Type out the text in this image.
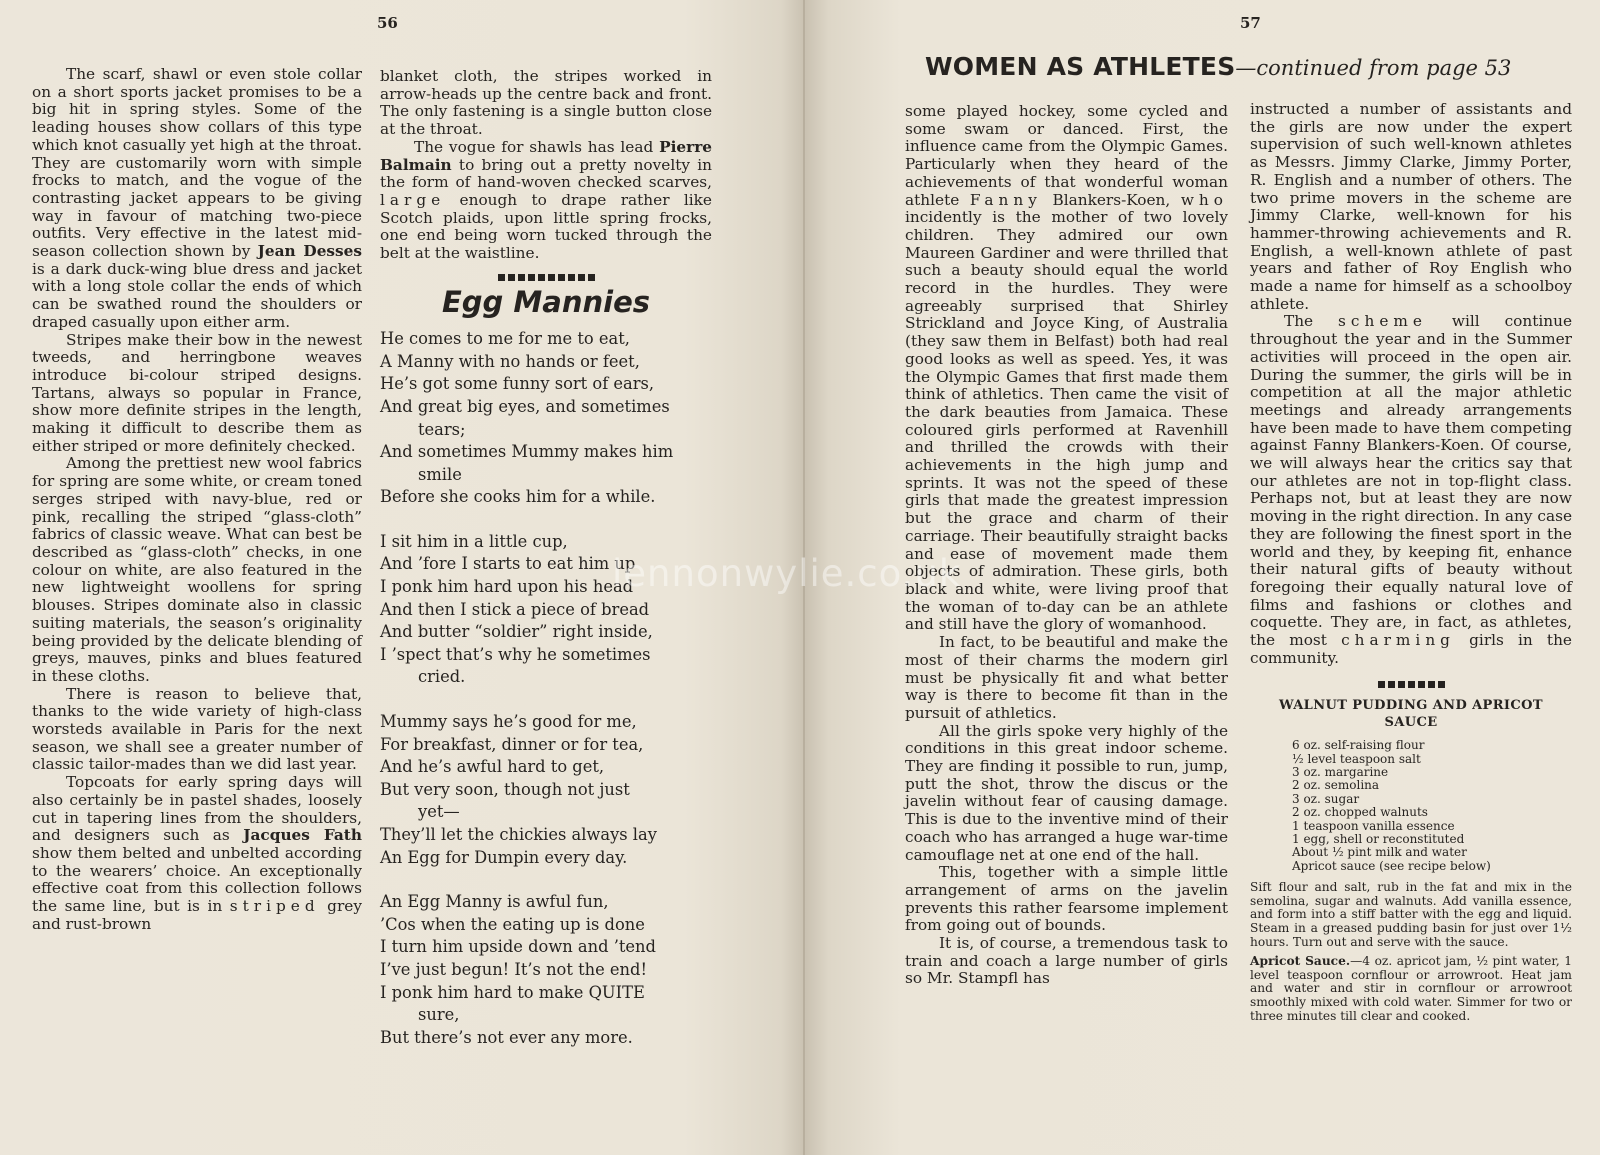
56

The scarf, shawl or even stole collar on a short sports jacket promises to be a big hit in spring styles. Some of the leading houses show collars of this type which knot casually yet high at the throat. They are customarily worn with simple frocks to match, and the vogue of the contrasting jacket appears to be giving way in favour of matching two-piece outfits. Very effective in the latest mid-season collection shown by Jean Desses is a dark duck-wing blue dress and jacket with a long stole collar the ends of which can be swathed round the shoulders or draped casually upon either arm.

Stripes make their bow in the newest tweeds, and herringbone weaves introduce bi-colour striped designs. Tartans, always so popular in France, show more definite stripes in the length, making it difficult to describe them as either striped or more definitely checked.

Among the prettiest new wool fabrics for spring are some white, or cream toned serges striped with navy-blue, red or pink, recalling the striped “glass-cloth” fabrics of classic weave. What can best be described as “glass-cloth” checks, in one colour on white, are also featured in the new lightweight woollens for spring blouses. Stripes dominate also in classic suiting materials, the season’s originality being provided by the delicate blending of greys, mauves, pinks and blues featured in these cloths.

There is reason to believe that, thanks to the wide variety of high-class worsteds available in Paris for the next season, we shall see a greater number of classic tailor-mades than we did last year.

Topcoats for early spring days will also certainly be in pastel shades, loosely cut in tapering lines from the shoulders, and designers such as Jacques Fath show them belted and unbelted according to the wearers’ choice. An exceptionally effective coat from this collection follows the same line, but is in striped grey and rust-brown

blanket cloth, the stripes worked in arrow-heads up the centre back and front. The only fastening is a single button close at the throat.

The vogue for shawls has lead Pierre Balmain to bring out a pretty novelty in the form of hand-woven checked scarves, large enough to drape rather like Scotch plaids, upon little spring frocks, one end being worn tucked through the belt at the waistline.

Egg Mannies
He comes to me for me to eat,
A Manny with no hands or feet,
He’s got some funny sort of ears,
And great big eyes, and sometimes
tears;
And sometimes Mummy makes him
smile
Before she cooks him for a while.
I sit him in a little cup,
And ’fore I starts to eat him up
I ponk him hard upon his head
And then I stick a piece of bread
And butter “soldier” right inside,
I ’spect that’s why he sometimes
cried.
Mummy says he’s good for me,
For breakfast, dinner or for tea,
And he’s awful hard to get,
But very soon, though not just
yet—
They’ll let the chickies always lay
An Egg for Dumpin every day.
An Egg Manny is awful fun,
’Cos when the eating up is done
I turn him upside down and ’tend
I’ve just begun! It’s not the end!
I ponk him hard to make QUITE
sure,
But there’s not ever any more.
57
WOMEN AS ATHLETES—continued from page 53

some played hockey, some cycled and some swam or danced. First, the influence came from the Olympic Games. Particularly when they heard of the achievements of that wonderful woman athlete Fanny Blankers-Koen, who incidently is the mother of two lovely children. They admired our own Maureen Gardiner and were thrilled that such a beauty should equal the world record in the hurdles. They were agreeably surprised that Shirley Strickland and Joyce King, of Australia (they saw them in Belfast) both had real good looks as well as speed. Yes, it was the Olympic Games that first made them think of athletics. Then came the visit of the dark beauties from Jamaica. These coloured girls performed at Ravenhill and thrilled the crowds with their achievements in the high jump and sprints. It was not the speed of these girls that made the greatest impression but the grace and charm of their carriage. Their beautifully straight backs and ease of movement made them objects of admiration. These girls, both black and white, were living proof that the woman of to-day can be an athlete and still have the glory of womanhood.

In fact, to be beautiful and make the most of their charms the modern girl must be physically fit and what better way is there to become fit than in the pursuit of athletics.

All the girls spoke very highly of the conditions in this great indoor scheme. They are finding it possible to run, jump, putt the shot, throw the discus or the javelin without fear of causing damage. This is due to the inventive mind of their coach who has arranged a huge war-time camouflage net at one end of the hall.

This, together with a simple little arrangement of arms on the javelin prevents this rather fearsome implement from going out of bounds.

It is, of course, a tremendous task to train and coach a large number of girls so Mr. Stampfl has

instructed a number of assistants and the girls are now under the expert supervision of such well-known athletes as Messrs. Jimmy Clarke, Jimmy Porter, R. English and a number of others. The two prime movers in the scheme are Jimmy Clarke, well-known for his hammer-throwing achievements and R. English, a well-known athlete of past years and father of Roy English who made a name for himself as a schoolboy athlete.

The scheme will continue throughout the year and in the Summer activities will proceed in the open air. During the summer, the girls will be in competition at all the major athletic meetings and already arrangements have been made to have them competing against Fanny Blankers-Koen. Of course, we will always hear the critics say that our athletes are not in top-flight class. Perhaps not, but at least they are now moving in the right direction. In any case they are following the finest sport in the world and they, by keeping fit, enhance their natural gifts of beauty without foregoing their equally natural love of films and fashions or clothes and coquette. They are, in fact, as athletes, the most charming girls in the community.

WALNUT PUDDING AND APRICOT SAUCE
6 oz. self-raising flour
½ level teaspoon salt
3 oz. margarine
2 oz. semolina
3 oz. sugar
2 oz. chopped walnuts
1 teaspoon vanilla essence
1 egg, shell or reconstituted
About ½ pint milk and water
Apricot sauce (see recipe below)

Sift flour and salt, rub in the fat and mix in the semolina, sugar and walnuts. Add vanilla essence, and form into a stiff batter with the egg and liquid. Steam in a greased pudding basin for just over 1½ hours. Turn out and serve with the sauce.

Apricot Sauce.—4 oz. apricot jam, ½ pint water, 1 level teaspoon cornflour or arrowroot. Heat jam and water and stir in cornflour or arrowroot smoothly mixed with cold water. Simmer for two or three minutes till clear and cooked.

lennonwylie.co.uk
